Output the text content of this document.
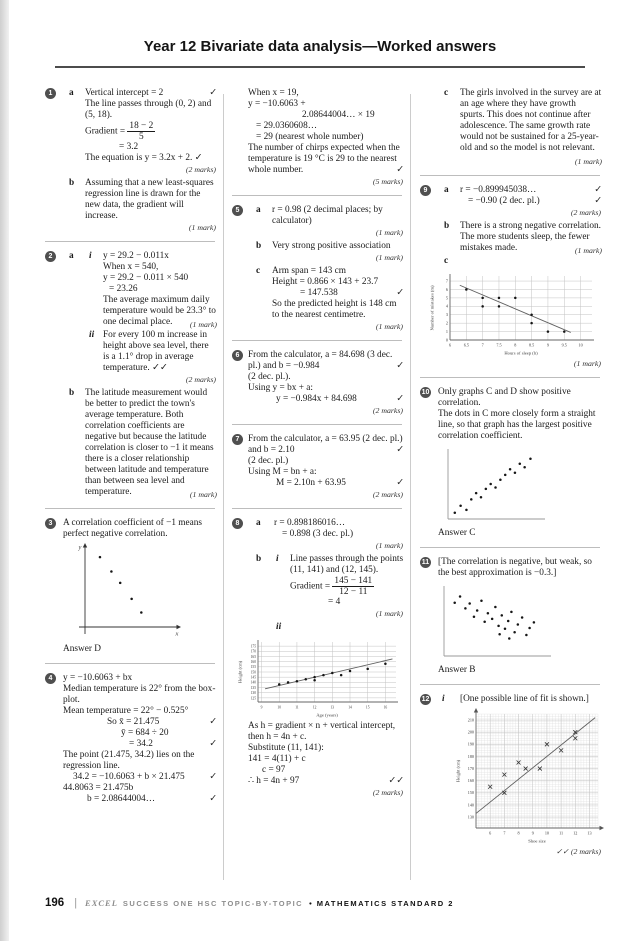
Year 12 Bivariate data analysis—Worked answers
1	a Vertical intercept = 2	✓
The line passes through (0, 2) and (5, 18).
Gradient = $\frac{18 - 2}{5}$
= 3.2
The equation is y = 3.2x + 2. ✓
(2 marks)
b Assuming that a new least-squares regression line is drawn for the new data, the gradient will increase.
(1 mark)
2	a i y = 29.2 − 0.011x
When x = 540,
y = 29.2 − 0.011 × 540
= 23.26
The average maximum daily temperature would be 23.3° to one decimal place.	(1 mark)
ii For every 100 m increase in height above sea level, there is a 1.1° drop in average temperature. ✓✓
(2 marks)
b The latitude measurement would be better to predict the town's average temperature. Both correlation coefficients are negative but because the latitude correlation is closer to −1 it means there is a closer relationship between latitude and temperature than between sea level and temperature.	(1 mark)
3	A correlation coefficient of −1 means perfect negative correlation.
y
x
Answer D
4	y = −10.6063 + bx
Median temperature is 22° from the box-plot.
Mean temperature = 22° − 0.525°
So x̄ = 21.475	✓
ȳ = 684 ÷ 20
= 34.2	✓
The point (21.475, 34.2) lies on the regression line.
34.2 = −10.6063 + b × 21.475	✓
44.8063 = 21.475b
b = 2.08644004…	✓
When x = 19,
y = −10.6063 +
2.08644004… × 19
= 29.0360608…
= 29 (nearest whole number)
The number of chirps expected when the temperature is 19 °C is 29 to the nearest whole number.	✓
(5 marks)
5	a r = 0.98 (2 decimal places; by calculator)
(1 mark)
b Very strong positive association
(1 mark)
c Arm span = 143 cm
Height = 0.866 × 143 + 23.7
= 147.538	✓
So the predicted height is 148 cm to the nearest centimetre.
(1 mark)
6 From the calculator, a = 84.698 (3 dec. pl.) and b = −0.984	✓
(2 dec. pl.).
Using y = bx + a:
y = −0.984x + 84.698	✓
(2 marks)
7 From the calculator, a = 63.95 (2 dec. pl.) and b = 2.10	✓
(2 dec. pl.)
Using M = bn + a:
M = 2.10n + 63.95	✓
(2 marks)
8	a r = 0.898186016…
= 0.898 (3 dec. pl.)
(1 mark)
b i Line passes through the points (11, 141) and (12, 145).
Gradient = $\frac{145 - 141}{12 - 11}$
= 4
(1 mark)
ii
9	10	11	12	13	14	15	16
125
130
135
140
145
150
155
160
165
170
175
Age (years)
Height (cm)
As h = gradient × n + vertical intercept, then h = 4n + c.
Substitute (11, 141):
141 = 4(11) + c
c = 97
∴ h = 4n + 97	✓✓
(2 marks)
c The girls involved in the survey are at an age where they have growth spurts. This does not continue after adolescence. The same growth rate would not be sustained for a 25-year-old and so the model is not relevant.
(1 mark)
9	a r = −0.899945038…	✓
= −0.90 (2 dec. pl.)	✓
(2 marks)
b There is a strong negative correlation. The more students sleep, the fewer mistakes made.	(1 mark)
c
6	6.5	7	7.5	8	8.5	9	9.5	10
0
1
2
3
4
5
6
7
Hours of sleep (h)
Number of mistakes (m)
(1 mark)
10 Only graphs C and D show positive correlation.
The dots in C more closely form a straight line, so that graph has the largest positive correlation coefficient.
Answer C
11 [The correlation is negative, but weak, so the best approximation is −0.3.]
Answer B
12 i [One possible line of fit is shown.]
6	7	8	9	10 11 12 13
130
140
150
160
170
180
190
200
210
Shoe size
Height (cm)
✓✓ (2 marks)
196 | EXCEL SUCCESS ONE HSC TOPIC-BY-TOPIC • MATHEMATICS STANDARD 2
